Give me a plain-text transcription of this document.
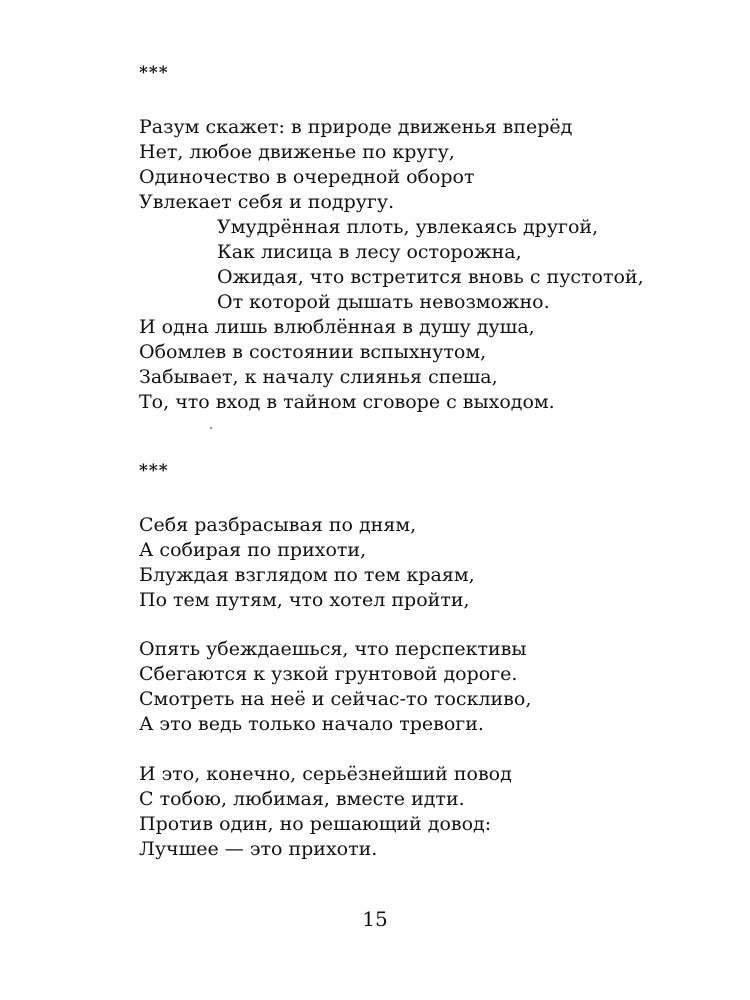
***
Разум скажет: в природе движенья вперёд
Нет, любое движенье по кругу,
Одиночество в очередной оборот
Увлекает себя и подругу.
Умудрённая плоть, увлекаясь другой,
Как лисица в лесу осторожна,
Ожидая, что встретится вновь с пустотой,
От которой дышать невозможно.
И одна лишь влюблённая в душу душа,
Обомлев в состоянии вспыхнутом,
Забывает, к началу слиянья спеша,
То, что вход в тайном сговоре с выходом.
***
Себя разбрасывая по дням,
А собирая по прихоти,
Блуждая взглядом по тем краям,
По тем путям, что хотел пройти,
Опять убеждаешься, что перспективы
Сбегаются к узкой грунтовой дороге.
Смотреть на неё и сейчас-то тоскливо,
А это ведь только начало тревоги.
И это, конечно, серьёзнейший повод
С тобою, любимая, вместе идти.
Против один, но решающий довод:
Лучшее — это прихоти.
15
